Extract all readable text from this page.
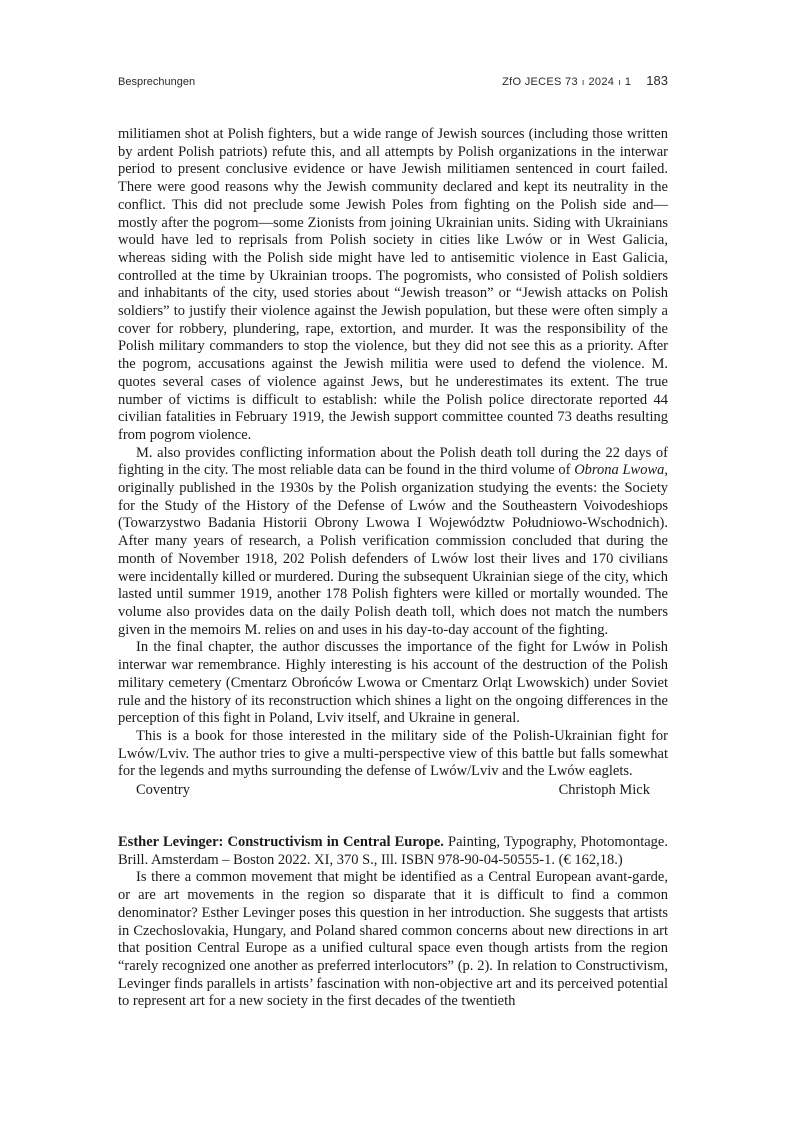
Besprechungen	ZfO JECES 73 ı 2024 ı 1 183

militiamen shot at Polish fighters, but a wide range of Jewish sources (including those written by ardent Polish patriots) refute this, and all attempts by Polish organizations in the interwar period to present conclusive evidence or have Jewish militiamen sentenced in court failed. There were good reasons why the Jewish community declared and kept its neutrality in the conflict. This did not preclude some Jewish Poles from fighting on the Polish side and—mostly after the pogrom—some Zionists from joining Ukrainian units. Siding with Ukrainians would have led to reprisals from Polish society in cities like Lwów or in West Galicia, whereas siding with the Polish side might have led to antisemitic violence in East Galicia, controlled at the time by Ukrainian troops. The pogromists, who consisted of Polish soldiers and inhabitants of the city, used stories about “Jewish treason” or “Jewish attacks on Polish soldiers” to justify their violence against the Jewish population, but these were often simply a cover for robbery, plundering, rape, extortion, and murder. It was the responsibility of the Polish military commanders to stop the violence, but they did not see this as a priority. After the pogrom, accusations against the Jewish militia were used to defend the violence. M. quotes several cases of violence against Jews, but he underestimates its extent. The true number of victims is difficult to establish: while the Polish police directorate reported 44 civilian fatalities in February 1919, the Jewish support committee counted 73 deaths resulting from pogrom violence.

M. also provides conflicting information about the Polish death toll during the 22 days of fighting in the city. The most reliable data can be found in the third volume of Obrona Lwowa, originally published in the 1930s by the Polish organization studying the events: the Society for the Study of the History of the Defense of Lwów and the Southeastern Voivodeshiops (Towarzystwo Badania Historii Obrony Lwowa I Województw Południowo-Wschodnich). After many years of research, a Polish verification commission concluded that during the month of November 1918, 202 Polish defenders of Lwów lost their lives and 170 civilians were incidentally killed or murdered. During the subsequent Ukrainian siege of the city, which lasted until summer 1919, another 178 Polish fighters were killed or mortally wounded. The volume also provides data on the daily Polish death toll, which does not match the numbers given in the memoirs M. relies on and uses in his day-to-day account of the fighting.

In the final chapter, the author discusses the importance of the fight for Lwów in Polish interwar war remembrance. Highly interesting is his account of the destruction of the Polish military cemetery (Cmentarz Obrońców Lwowa or Cmentarz Orląt Lwowskich) under Soviet rule and the history of its reconstruction which shines a light on the ongoing differences in the perception of this fight in Poland, Lviv itself, and Ukraine in general.

This is a book for those interested in the military side of the Polish-Ukrainian fight for Lwów/Lviv. The author tries to give a multi-perspective view of this battle but falls somewhat for the legends and myths surrounding the defense of Lwów/Lviv and the Lwów eaglets.

Coventry	Christoph Mick

Esther Levinger: Constructivism in Central Europe. Painting, Typography, Photomontage. Brill. Amsterdam – Boston 2022. XI, 370 S., Ill. ISBN 978-90-04-50555-1. (€ 162,18.)

Is there a common movement that might be identified as a Central European avant-garde, or are art movements in the region so disparate that it is difficult to find a common denominator? Esther Levinger poses this question in her introduction. She suggests that artists in Czechoslovakia, Hungary, and Poland shared common concerns about new directions in art that position Central Europe as a unified cultural space even though artists from the region “rarely recognized one another as preferred interlocutors” (p. 2). In relation to Constructivism, Levinger finds parallels in artists’ fascination with non-objective art and its perceived potential to represent art for a new society in the first decades of the twentieth
